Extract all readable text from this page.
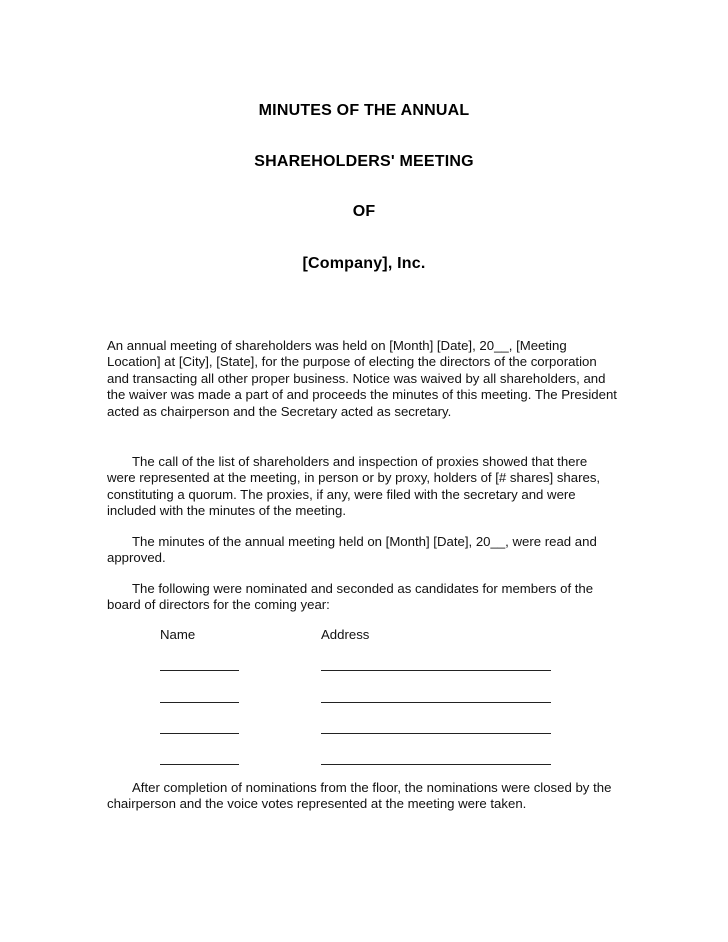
MINUTES OF THE ANNUAL
SHAREHOLDERS' MEETING
OF
[Company], Inc.

An annual meeting of shareholders was held on [Month] [Date], 20__, [Meeting Location] at [City], [State], for the purpose of electing the directors of the corporation and transacting all other proper business. Notice was waived by all shareholders, and the waiver was made a part of and proceeds the minutes of this meeting. The President acted as chairperson and the Secretary acted as secretary.

The call of the list of shareholders and inspection of proxies showed that there were represented at the meeting, in person or by proxy, holders of [# shares] shares, constituting a quorum. The proxies, if any, were filed with the secretary and were included with the minutes of the meeting.

The minutes of the annual meeting held on [Month] [Date], 20__, were read and approved.

The following were nominated and seconded as candidates for members of the board of directors for the coming year:

Name	Address

After completion of nominations from the floor, the nominations were closed by the chairperson and the voice votes represented at the meeting were taken.
